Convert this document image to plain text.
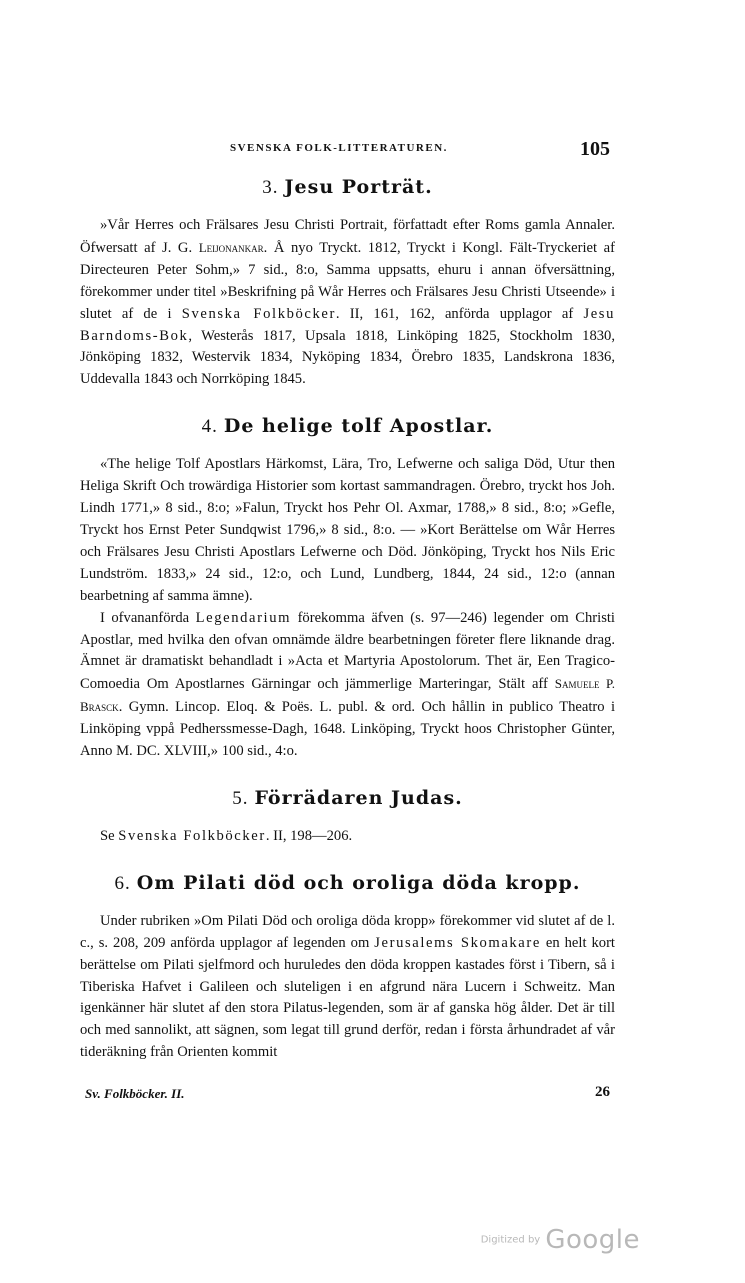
SVENSKA FOLK-LITTERATUREN.	105
3. Jesu Porträt.

»Vår Herres och Frälsares Jesu Christi Portrait, författadt efter Roms gamla Annaler. Öfwersatt af J. G. Leijonankar. Å nyo Tryckt. 1812, Tryckt i Kongl. Fält-Tryckeriet af Directeuren Peter Sohm,» 7 sid., 8:o, Samma uppsatts, ehuru i annan öfversättning, förekommer under titel »Beskrifning på Wår Herres och Frälsares Jesu Christi Utseende» i slutet af de i Svenska Folkböcker. II, 161, 162, anförda upplagor af Jesu Barndoms-Bok, Westerås 1817, Upsala 1818, Linköping 1825, Stockholm 1830, Jönköping 1832, Westervik 1834, Nyköping 1834, Örebro 1835, Landskrona 1836, Uddevalla 1843 och Norrköping 1845.

4. De helige tolf Apostlar.

«The helige Tolf Apostlars Härkomst, Lära, Tro, Lefwerne och saliga Död, Utur then Heliga Skrift Och trowärdiga Historier som kortast sammandragen. Örebro, tryckt hos Joh. Lindh 1771,» 8 sid., 8:o; »Falun, Tryckt hos Pehr Ol. Axmar, 1788,» 8 sid., 8:o; »Gefle, Tryckt hos Ernst Peter Sundqwist 1796,» 8 sid., 8:o. — »Kort Berättelse om Wår Herres och Frälsares Jesu Christi Apostlars Lefwerne och Död. Jönköping, Tryckt hos Nils Eric Lundström. 1833,» 24 sid., 12:o, och Lund, Lundberg, 1844, 24 sid., 12:o (annan bearbetning af samma ämne).

I ofvananförda Legendarium förekomma äfven (s. 97—246) legender om Christi Apostlar, med hvilka den ofvan omnämde äldre bearbetningen företer flere liknande drag. Ämnet är dramatiskt behandladt i »Acta et Martyria Apostolorum. Thet är, Een Tragico-Comoedia Om Apostlarnes Gärningar och jämmerlige Marteringar, Stält aff Samuele P. Brasck. Gymn. Lincop. Eloq. & Poës. L. publ. & ord. Och hållin in publico Theatro i Linköping vppå Pedherssmesse-Dagh, 1648. Linköping, Tryckt hoos Christopher Günter, Anno M. DC. XLVIII,» 100 sid., 4:o.

5. Förrädaren Judas.

Se Svenska Folkböcker. II, 198—206.

6. Om Pilati död och oroliga döda kropp.

Under rubriken »Om Pilati Död och oroliga döda kropp» förekommer vid slutet af de l. c., s. 208, 209 anförda upplagor af legenden om Jerusalems Skomakare en helt kort berättelse om Pilati sjelfmord och huruledes den döda kroppen kastades först i Tibern, så i Tiberiska Hafvet i Galileen och sluteligen i en afgrund nära Lucern i Schweitz. Man igenkänner här slutet af den stora Pilatus-legenden, som är af ganska hög ålder. Det är till och med sannolikt, att sägnen, som legat till grund derför, redan i första århundradet af vår tideräkning från Orienten kommit

Sv. Folkböcker. II.	26
Digitized by Google
